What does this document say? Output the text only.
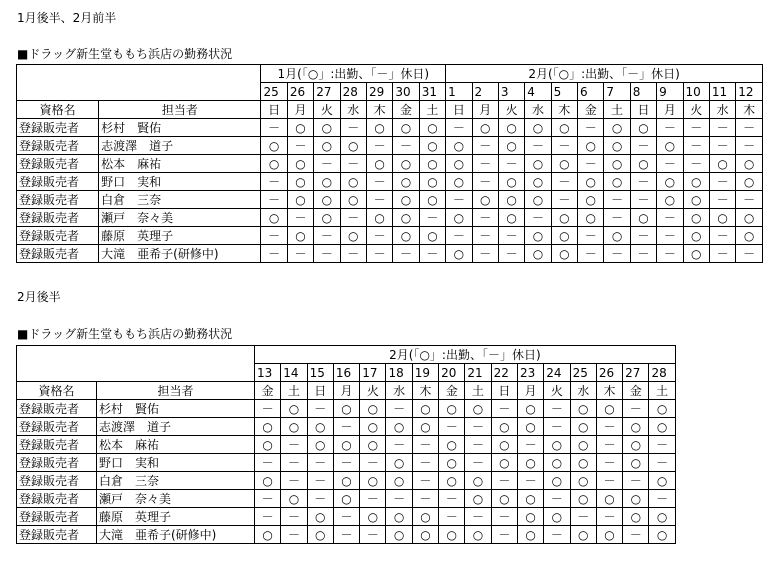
1月後半、2月前半
■ドラッグ新生堂ももち浜店の勤務状況
		1月(「○」:出勤、「－」休日)							2月(「○」:出勤、「－」休日)											
		25	26	27	28	29	30	31	1	2	3	4	5	6	7	8	9	10	11	12
資格名	担当者	日	月	火	水	木	金	土	日	月	火	水	木	金	土	日	月	火	水	木
登録販売者	杉村　賢佑	－	○	○	－	○	○	○	－	○	○	○	○	－	○	○	－	－	－	－
登録販売者	志渡澤　道子	○	－	○	○	－	－	○	○	－	○	－	－	○	○	－	○	－	－	－
登録販売者	松本　麻祐	○	○	－	－	○	○	○	○	－	－	○	○	－	○	○	－	－	○	○
登録販売者	野口　実和	－	○	○	○	－	○	○	○	－	○	○	－	○	○	－	○	○	－	○
登録販売者	白倉　三奈	－	○	○	○	－	○	○	－	○	○	○	－	○	－	－	○	○	－	－
登録販売者	瀬戸　奈々美	○	－	○	－	○	○	－	○	－	○	－	○	○	－	○	－	○	○	○
登録販売者	藤原　英理子	－	○	－	○	－	○	○	－	－	－	○	○	－	○	－	－	○	－	○
登録販売者	大滝　亜希子(研修中)	－	－	－	－	－	－	－	○	－	－	○	○	－	－	－	－	○	－	－
2月後半
■ドラッグ新生堂ももち浜店の勤務状況
		2月(「○」:出勤、「－」休日)															
		13	14	15	16	17	18	19	20	21	22	23	24	25	26	27	28
資格名	担当者	金	土	日	月	火	水	木	金	土	日	月	火	水	木	金	土
登録販売者	杉村　賢佑	－	○	－	○	○	－	○	○	○	－	○	－	○	○	－	○
登録販売者	志渡澤　道子	○	○	○	－	○	○	○	－	－	○	○	－	○	－	○	○
登録販売者	松本　麻祐	○	－	○	○	○	－	－	○	－	○	－	○	○	－	○	－
登録販売者	野口　実和	－	－	－	－	－	○	－	○	－	○	○	○	○	－	○	－
登録販売者	白倉　三奈	○	－	－	○	○	○	－	○	○	－	－	○	○	－	－	○
登録販売者	瀬戸　奈々美	－	○	－	○	－	－	－	－	○	○	○	－	○	○	○	－
登録販売者	藤原　英理子	－	－	○	－	○	○	○	－	－	－	○	○	－	－	○	○
登録販売者	大滝　亜希子(研修中)	○	－	○	－	－	○	○	○	○	－	○	－	○	○	－	○
